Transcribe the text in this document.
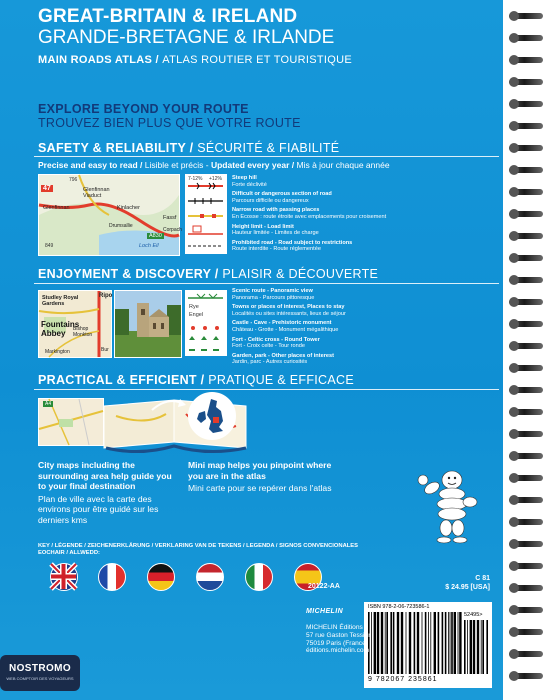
GREAT-BRITAIN & IRELAND
GRANDE-BRETAGNE & IRLANDE
MAIN ROADS ATLAS / ATLAS ROUTIER ET TOURISTIQUE
EXPLORE BEYOND YOUR ROUTE
TROUVEZ BIEN PLUS QUE VOTRE ROUTE
SAFETY & RELIABILITY / SÉCURITÉ & FIABILITÉ
Precise and easy to read / Lisible et précis - Updated every year / Mis à jour chaque année
796
47	Glenfinnan Viaduct
Glenfinnan	Kinlacher
Fassf
Drumsallie
A830
Corpach
849	Loch Eil
7-12% +12% Steep hill
Forte déclivité
Difficult or dangerous section of road
Parcours difficile ou dangereux
Narrow road with passing places
En Ecosse : route étroite avec emplacements pour croisement
Height limit - Load limit
Hauteur limitée - Limites de charge
Prohibited road - Road subject to restrictions
Route interdite - Route réglementée
ENJOYMENT & DISCOVERY / PLAISIR & DÉCOUVERTE
Studley Royal Gardens
Fountains Abbey	Bishop Monkton
Markington
Ripo
Bur
Rye
Engel
Scenic route - Panoramic view
Panorama - Parcours pittoresque
Towns or places of interest, Places to stay
Localités ou sites intéressants, lieux de séjour
Castle - Cave - Prehistoric monument
Château - Grotte - Monument mégalithique
Fort - Celtic cross - Round Tower
Fort - Croix celte - Tour ronde
Garden, park - Other places of interest
Jardin, parc - Autres curiosités
PRACTICAL & EFFICIENT / PRATIQUE & EFFICACE
A4
City maps including the surrounding area help guide you to your final destination
Plan de ville avec la carte des environs pour être guidé sur les derniers kms
Mini map helps you pinpoint where you are in the atlas
Mini carte pour se repérer dans l'atlas
KEY / LÉGENDE / ZEICHENERKLÄRUNG / VERKLARING VAN DE TEKENS / LEGENDA / SIGNOS CONVENCIONALES
EOCHAIR / ALLWEDD:
20122-AA
C 81
$ 24.95 [USA]
MICHELIN
ISBN 978-2-06-723586-1
52495>
9 782067 235861
MICHELIN Éditions
57 rue Gaston Tessier
75019 Paris (France)
éditions.michelin.com
NOSTROMO
WEB COMPTOIR DES VOYAGEURS
